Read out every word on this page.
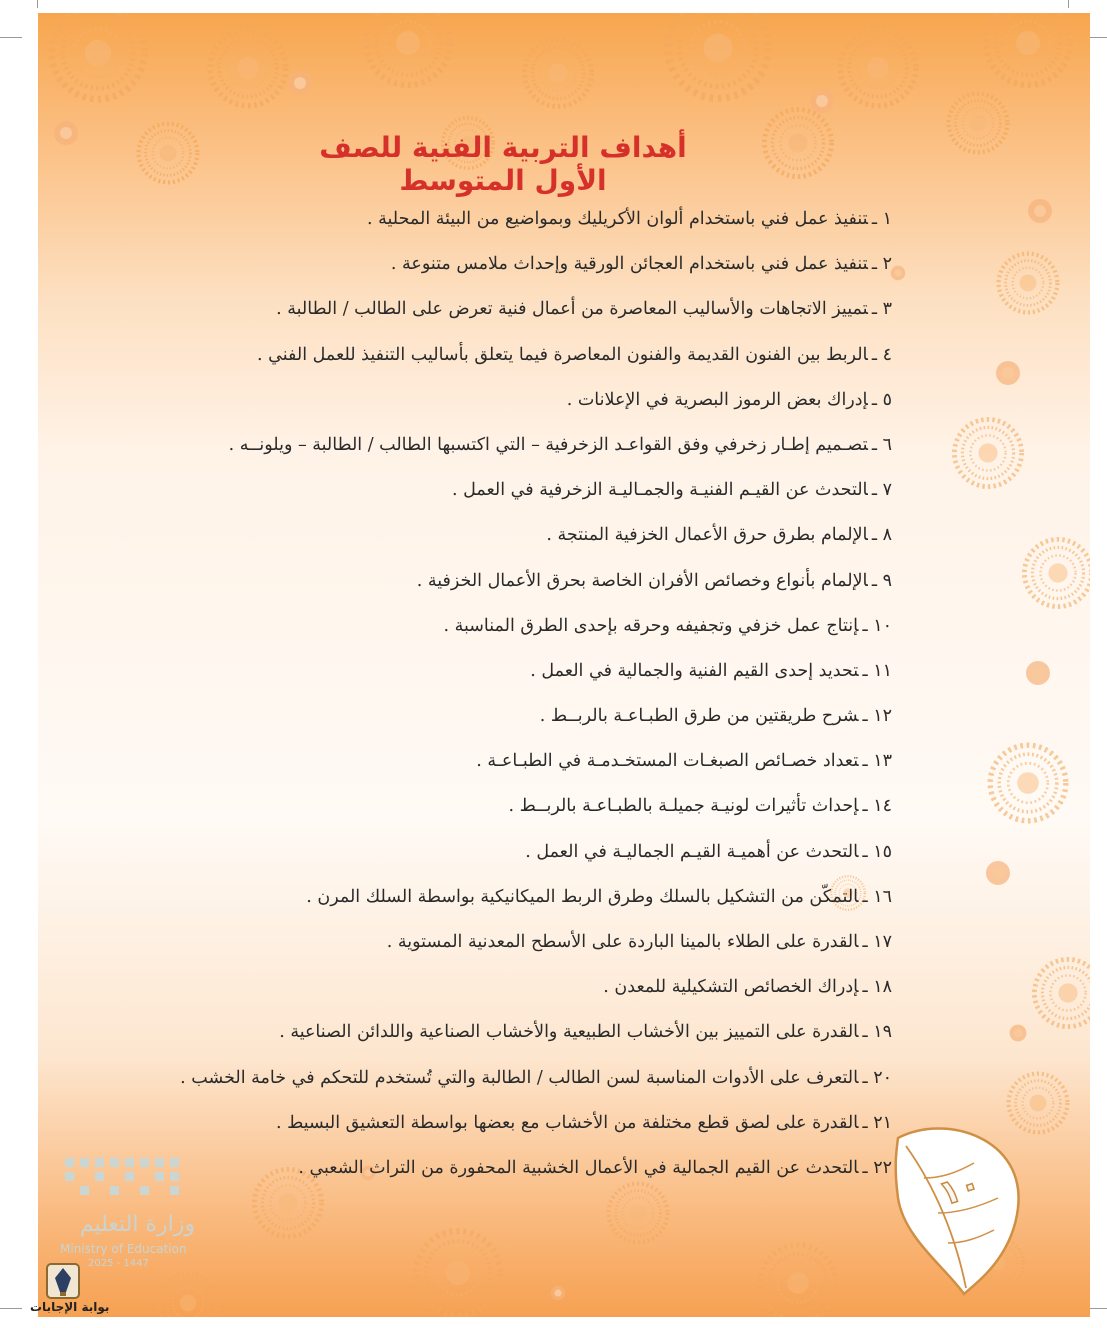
أهداف التربية الفنية للصف الأول المتوسط
١ ـتنفيذ عمل فني باستخدام ألوان الأكريليك وبمواضيع من البيئة المحلية .
٢ ـتنفيذ عمل فني باستخدام العجائن الورقية وإحداث ملامس متنوعة .
٣ ـتمييز الاتجاهات والأساليب المعاصرة من أعمال فنية تعرض على الطالب / الطالبة .
٤ ـالربط بين الفنون القديمة والفنون المعاصرة فيما يتعلق بأساليب التنفيذ للعمل الفني .
٥ ـإدراك بعض الرموز البصرية في الإعلانات .
٦ ـتصـميم إطـار زخرفي وفق القواعـد الزخرفية – التي اكتسبها الطالب / الطالبة – ويلونــه .
٧ ـالتحدث عن القيـم الفنيـة والجمـاليـة الزخرفية في العمل .
٨ ـالإلمام بطرق حرق الأعمال الخزفية المنتجة .
٩ ـالإلمام بأنواع وخصائص الأفران الخاصة بحرق الأعمال الخزفية .
١٠ ـإنتاج عمل خزفي وتجفيفه وحرقه بإحدى الطرق المناسبة .
١١ ـتحديد إحدى القيم الفنية والجمالية في العمل .
١٢ ـشرح طريقتين من طرق الطبـاعـة بالربــط .
١٣ ـتعداد خصـائص الصبغـات المستخـدمـة في الطبـاعـة .
١٤ ـإحداث تأثيرات لونيـة جميلـة بالطبـاعـة بالربــط .
١٥ ـالتحدث عن أهميـة القيـم الجماليـة في العمل .
١٦ ـالتمكّن من التشكيل بالسلك وطرق الربط الميكانيكية بواسطة السلك المرن .
١٧ ـالقدرة على الطلاء بالمينا الباردة على الأسطح المعدنية المستوية .
١٨ ـإدراك الخصائص التشكيلية للمعدن .
١٩ ـالقدرة على التمييز بين الأخشاب الطبيعية والأخشاب الصناعية واللدائن الصناعية .
٢٠ ـالتعرف على الأدوات المناسبة لسن الطالب / الطالبة والتي تُستخدم للتحكم في خامة الخشب .
٢١ ـالقدرة على لصق قطع مختلفة من الأخشاب مع بعضها بواسطة التعشيق البسيط .
٢٢ ـالتحدث عن القيم الجمالية في الأعمال الخشبية المحفورة من التراث الشعبي .	١٠
وزارة التعليم
Ministry of Education
2025 - 1447
بوابة الإجابات
